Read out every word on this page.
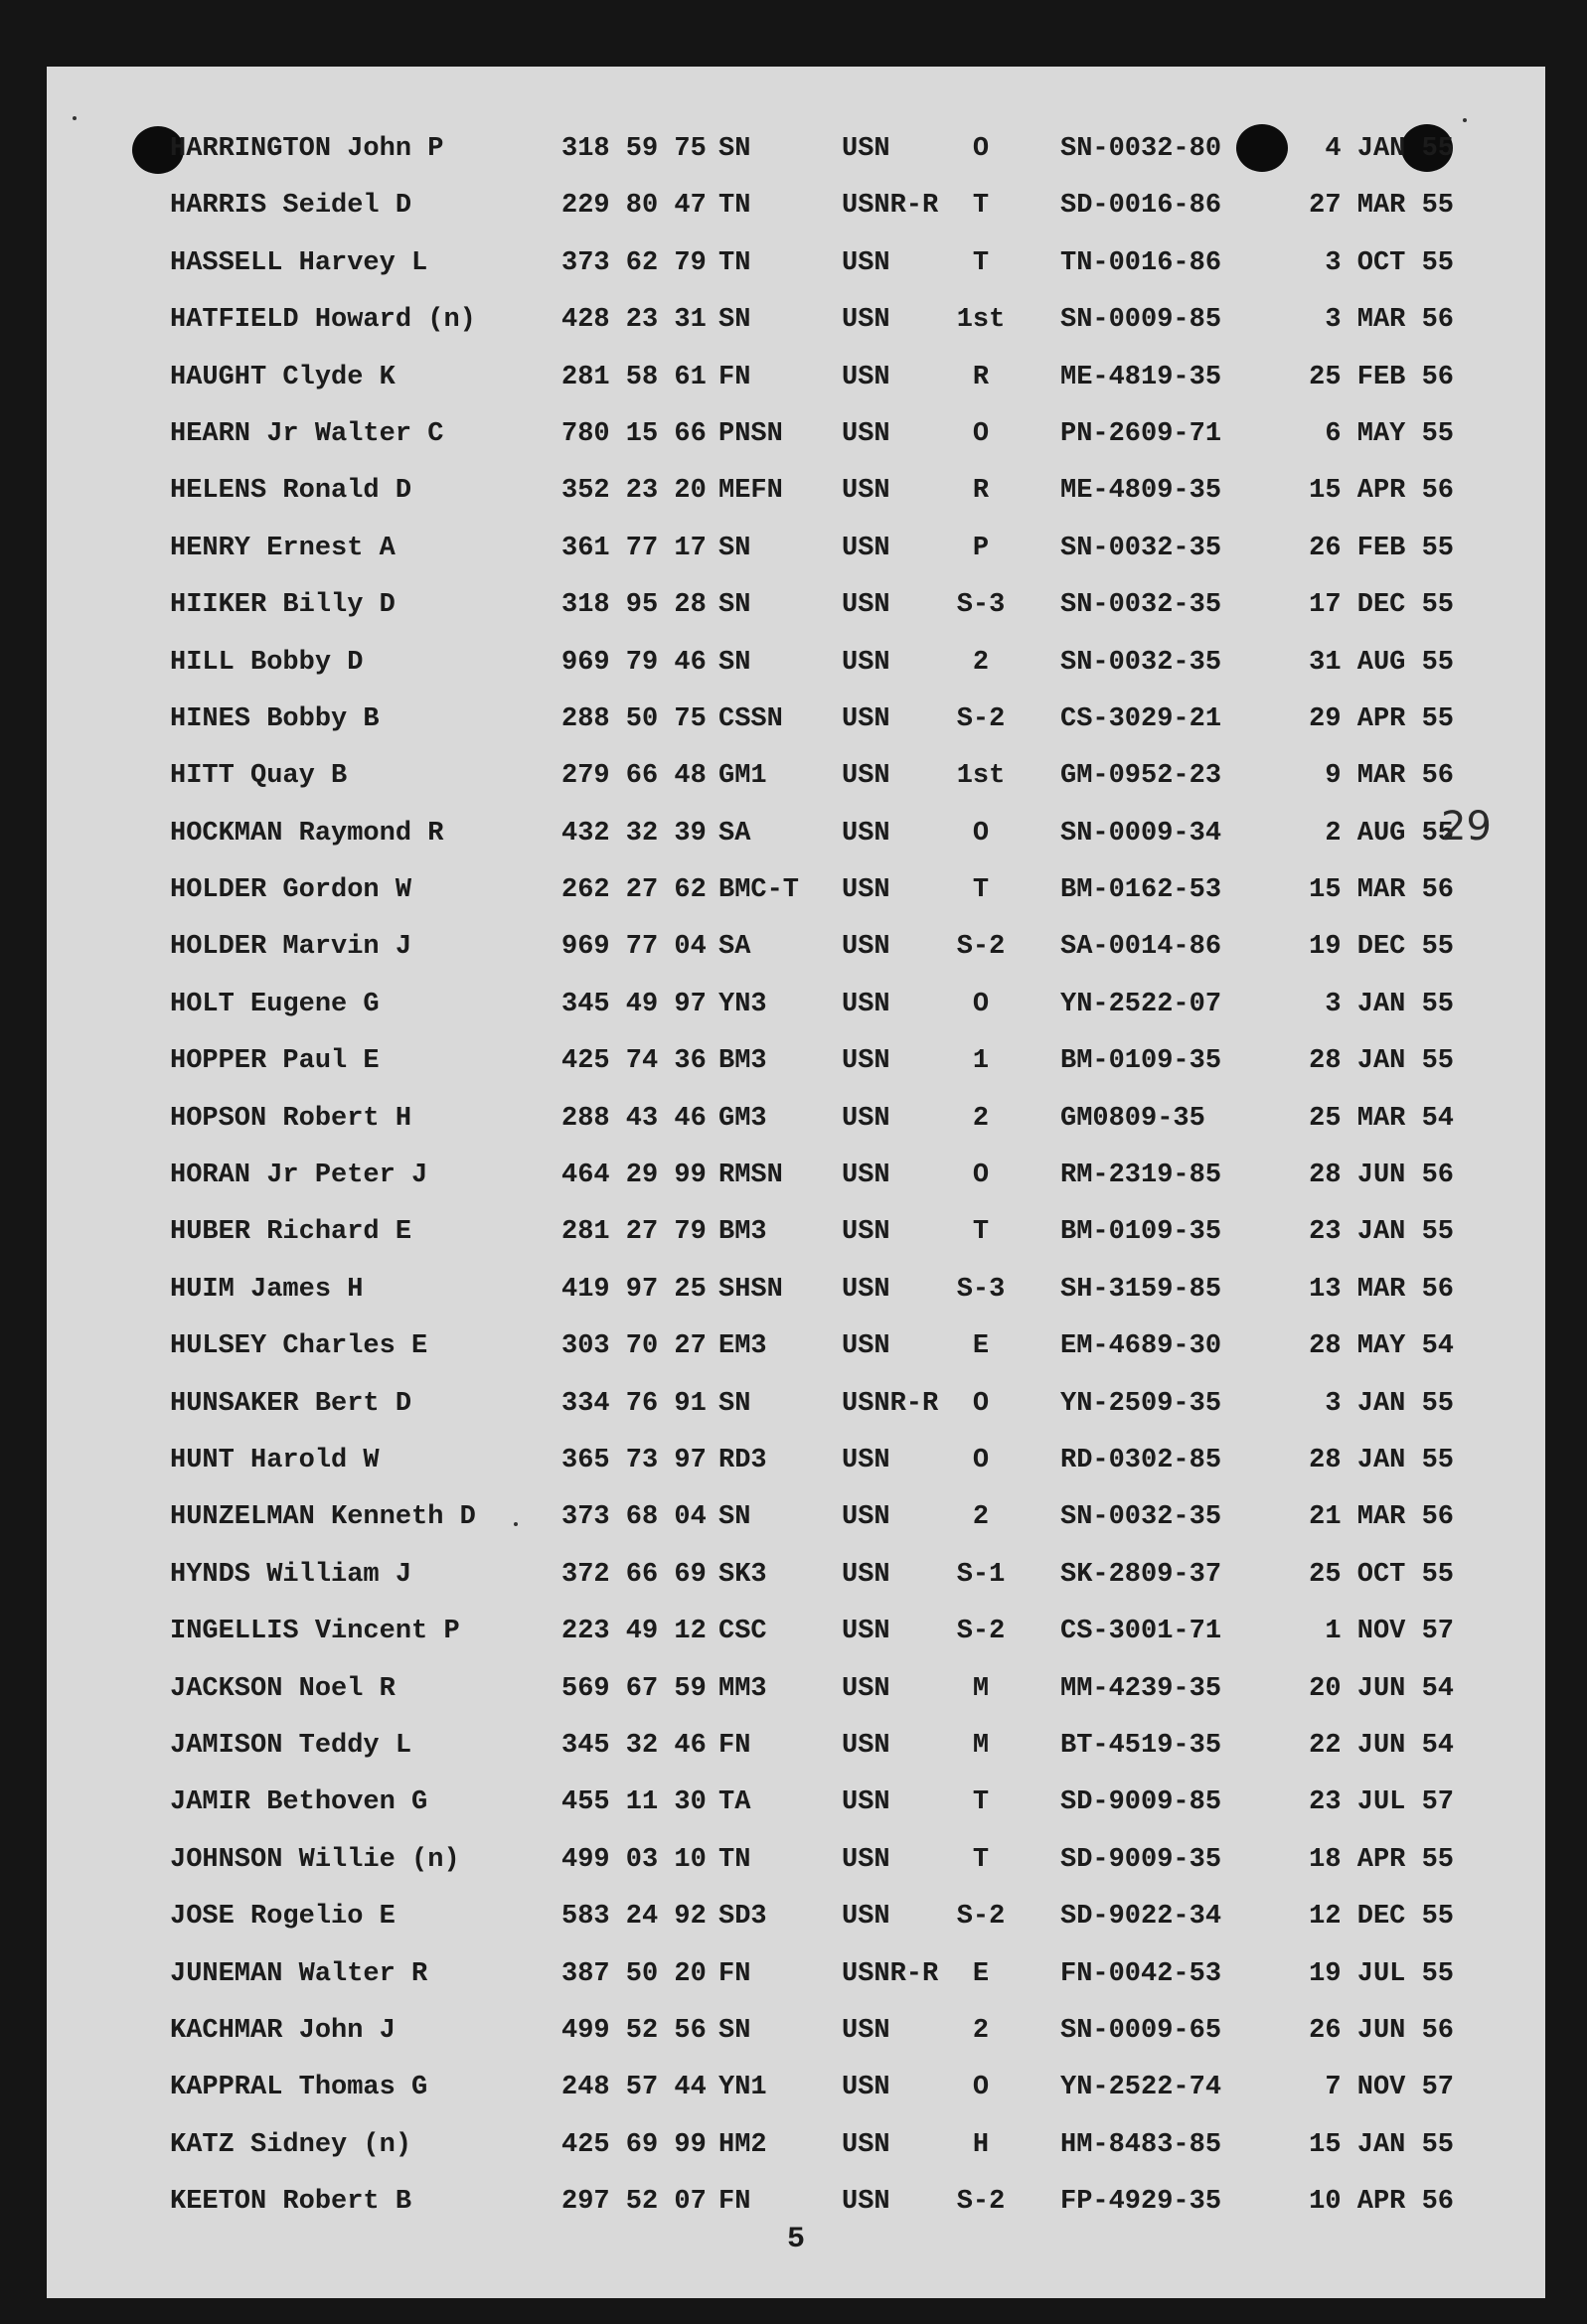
HARRINGTON John P	318 59 75 SN	USN	O	SN-0032-80	4 JAN 55
HARRIS Seidel D	229 80 47 TN	USNR-R	T	SD-0016-86	27 MAR 55
HASSELL Harvey L	373 62 79 TN	USN	T	TN-0016-86	3 OCT 55
HATFIELD Howard (n)	428 23 31 SN	USN	1st	SN-0009-85	3 MAR 56
HAUGHT Clyde K	281 58 61 FN	USN	R	ME-4819-35	25 FEB 56
HEARN Jr Walter C	780 15 66 PNSN USN	O	PN-2609-71	6 MAY 55
HELENS Ronald D	352 23 20 MEFN USN	R	ME-4809-35	15 APR 56
HENRY Ernest A	361 77 17 SN	USN	P	SN-0032-35	26 FEB 55
HIIKER Billy D	318 95 28 SN	USN	S-3	SN-0032-35	17 DEC 55
HILL Bobby D	969 79 46 SN	USN	2	SN-0032-35	31 AUG 55
HINES Bobby B	288 50 75 CSSN USN	S-2	CS-3029-21	29 APR 55
HITT Quay B	279 66 48 GM1	USN	1st	GM-0952-23	9 MAR 56
HOCKMAN Raymond R	432 32 39 SA	USN	O	SN-0009-34	2 AUG 55
HOLDER Gordon W	262 27 62 BMC-T USN	T	BM-0162-53	15 MAR 56
HOLDER Marvin J	969 77 04 SA	USN	S-2	SA-0014-86	19 DEC 55
HOLT Eugene G	345 49 97 YN3	USN	O	YN-2522-07	3 JAN 55
HOPPER Paul E	425 74 36 BM3	USN	1	BM-0109-35	28 JAN 55
HOPSON Robert H	288 43 46 GM3	USN	2	GM0809-35	25 MAR 54
HORAN Jr Peter J	464 29 99 RMSN USN	O	RM-2319-85	28 JUN 56
HUBER Richard E	281 27 79 BM3	USN	T	BM-0109-35	23 JAN 55
HUIM James H	419 97 25 SHSN USN	S-3	SH-3159-85	13 MAR 56
HULSEY Charles E	303 70 27 EM3	USN	E	EM-4689-30	28 MAY 54
HUNSAKER Bert D	334 76 91 SN	USNR-R	O	YN-2509-35	3 JAN 55
HUNT Harold W	365 73 97 RD3	USN	O	RD-0302-85	28 JAN 55
HUNZELMAN Kenneth D	373 68 04 SN	USN	2	SN-0032-35	21 MAR 56
HYNDS William J	372 66 69 SK3	USN	S-1	SK-2809-37	25 OCT 55
INGELLIS Vincent P	223 49 12 CSC	USN	S-2	CS-3001-71	1 NOV 57
JACKSON Noel R	569 67 59 MM3	USN	M	MM-4239-35	20 JUN 54
JAMISON Teddy L	345 32 46 FN	USN	M	BT-4519-35	22 JUN 54
JAMIR Bethoven G	455 11 30 TA	USN	T	SD-9009-85	23 JUL 57
JOHNSON Willie (n)	499 03 10 TN	USN	T	SD-9009-35	18 APR 55
JOSE Rogelio E	583 24 92 SD3	USN	S-2	SD-9022-34	12 DEC 55
JUNEMAN Walter R	387 50 20 FN	USNR-R	E	FN-0042-53	19 JUL 55
KACHMAR John J	499 52 56 SN	USN	2	SN-0009-65	26 JUN 56
KAPPRAL Thomas G	248 57 44 YN1	USN	O	YN-2522-74	7 NOV 57
KATZ Sidney (n)	425 69 99 HM2	USN	H	HM-8483-85	15 JAN 55
KEETON Robert B	297 52 07 FN	USN	S-2	FP-4929-35	10 APR 56
29
5
